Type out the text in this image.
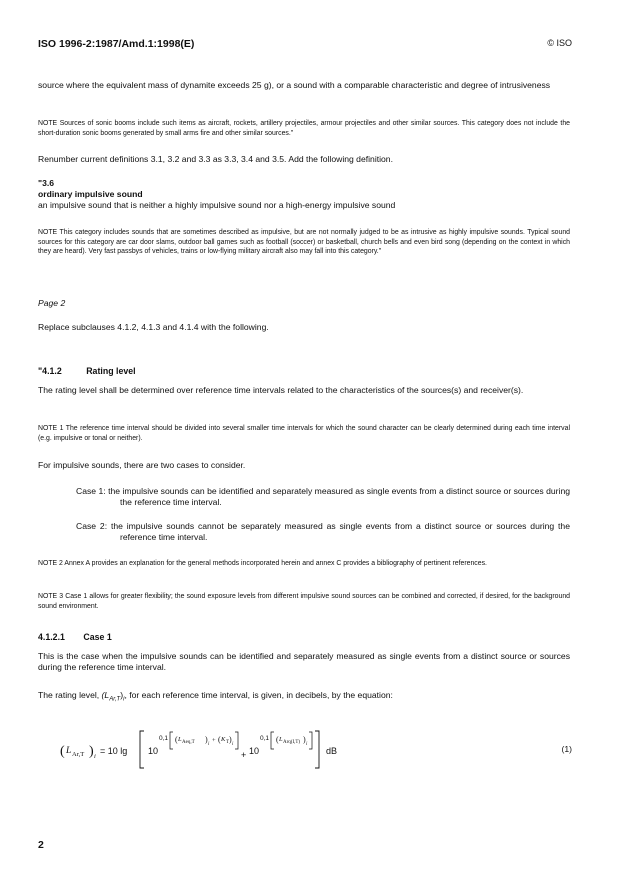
ISO 1996-2:1987/Amd.1:1998(E)	© ISO

source where the equivalent mass of dynamite exceeds 25 g), or a sound with a comparable characteristic and degree of intrusiveness

NOTE Sources of sonic booms include such items as aircraft, rockets, artillery projectiles, armour projectiles and other similar sources. This category does not include the short-duration sonic booms generated by small arms fire and other similar sources."

Renumber current definitions 3.1, 3.2 and 3.3 as 3.3, 3.4 and 3.5. Add the following definition.

"3.6

ordinary impulsive sound

an impulsive sound that is neither a highly impulsive sound nor a high-energy impulsive sound

NOTE This category includes sounds that are sometimes described as impulsive, but are not normally judged to be as intrusive as highly impulsive sounds. Typical sound sources for this category are car door slams, outdoor ball games such as football (soccer) or basketball, church bells and even bird song (depending on the context in which they are heard). Very fast passbys of vehicles, trains or low-flying military aircraft also may fall into this category."

Page 2

Replace subclauses 4.1.2, 4.1.3 and 4.1.4 with the following.

"4.1.2	Rating level

The rating level shall be determined over reference time intervals related to the characteristics of the sources(s) and receiver(s).

NOTE 1 The reference time interval should be divided into several smaller time intervals for which the sound character can be clearly determined during each time interval (e.g. impulsive or tonal or neither).

For impulsive sounds, there are two cases to consider.

Case 1: the impulsive sounds can be identified and separately measured as single events from a distinct source or sources during the reference time interval.

Case 2: the impulsive sounds cannot be separately measured as single events from a distinct source or sources during the reference time interval.

NOTE 2 Annex A provides an explanation for the general methods incorporated herein and annex C provides a bibliography of pertinent references.

NOTE 3 Case 1 allows for greater flexibility; the sound exposure levels from different impulsive sound sources can be combined and corrected, if desired, for the background sound environment.

4.1.2.1 Case 1

This is the case when the impulsive sounds can be identified and separately measured as single events from a distinct source or sources during the reference time interval.

The rating level, $(L_{Ar,T})_i$, for each reference time interval, is given, in decibels, by the equation:

( L Ar,T ) i
= 10 lg 10
0,1 ( L Aeq,T )
i
+ ( K T )
i
+ 10
0,1 ( L Arq(I,T) )
i
dB	(1)
2
